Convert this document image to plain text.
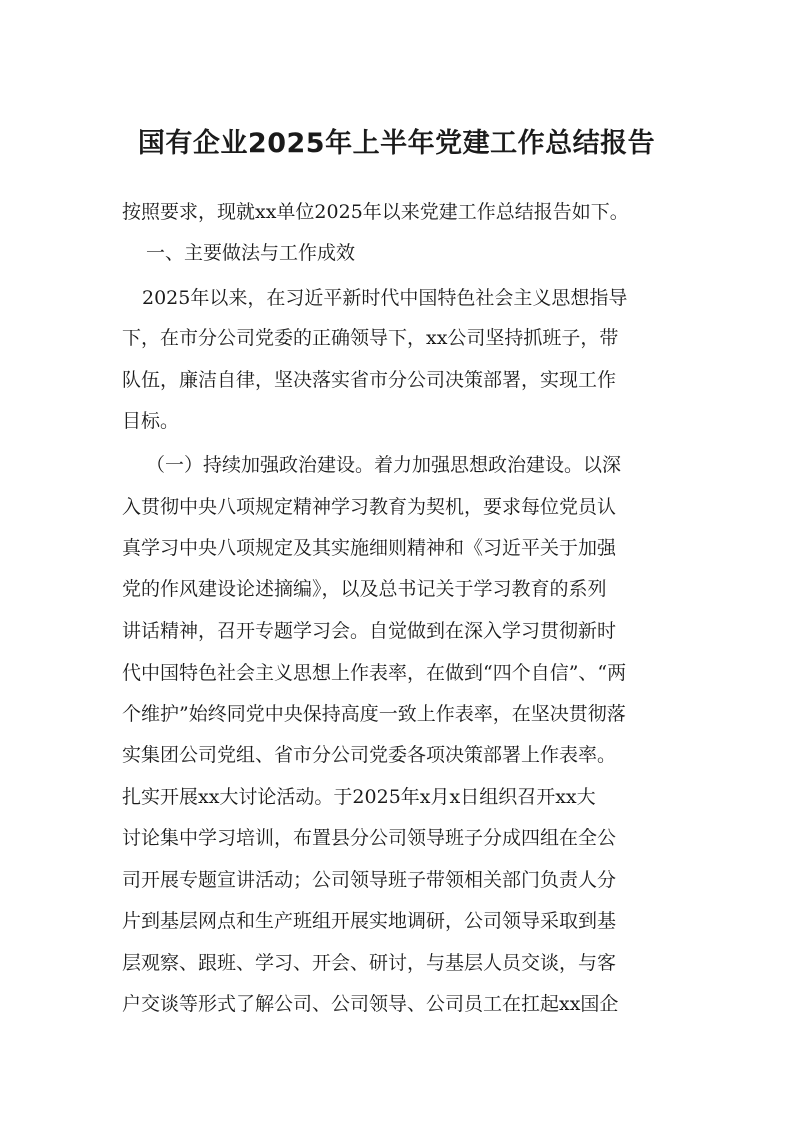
国有企业2025年上半年党建工作总结报告
按照要求，现就xx单位2025年以来党建工作总结报告如下。
一、主要做法与工作成效
2025年以来，在习近平新时代中国特色社会主义思想指导
下，在市分公司党委的正确领导下，xx公司坚持抓班子，带
队伍，廉洁自律，坚决落实省市分公司决策部署，实现工作
目标。
（一）持续加强政治建设。着力加强思想政治建设。以深
入贯彻中央八项规定精神学习教育为契机，要求每位党员认
真学习中央八项规定及其实施细则精神和《习近平关于加强
党的作风建设论述摘编》，以及总书记关于学习教育的系列
讲话精神，召开专题学习会。自觉做到在深入学习贯彻新时
代中国特色社会主义思想上作表率，在做到“四个自信”、“两
个维护”始终同党中央保持高度一致上作表率，在坚决贯彻落
实集团公司党组、省市分公司党委各项决策部署上作表率。
扎实开展xx大讨论活动。于2025年x月x日组织召开xx大
讨论集中学习培训，布置县分公司领导班子分成四组在全公
司开展专题宣讲活动；公司领导班子带领相关部门负责人分
片到基层网点和生产班组开展实地调研，公司领导采取到基
层观察、跟班、学习、开会、研讨，与基层人员交谈，与客
户交谈等形式了解公司、公司领导、公司员工在扛起xx国企
